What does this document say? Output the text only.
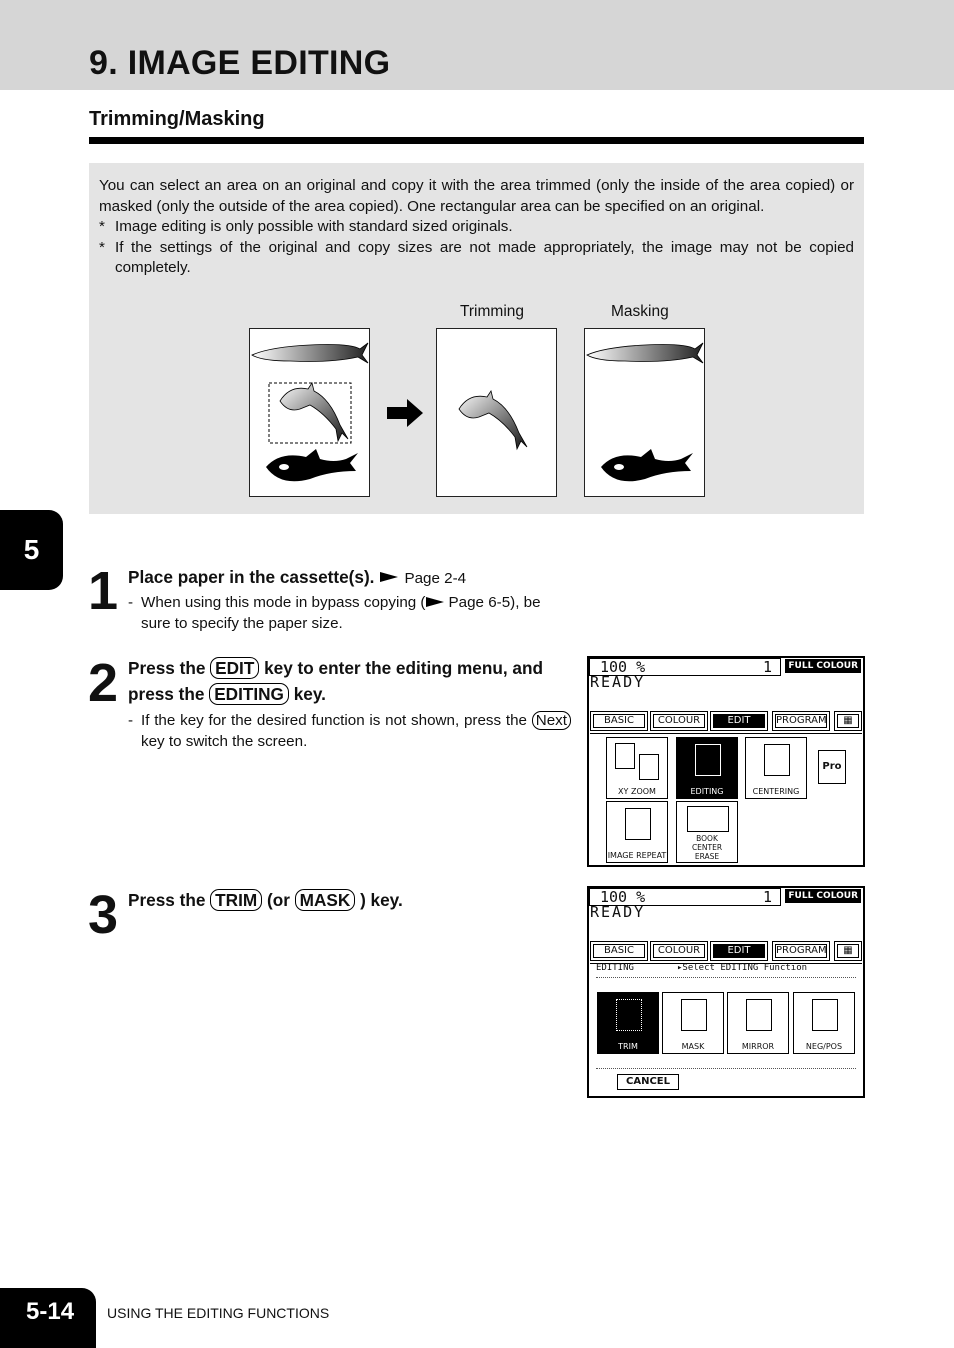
9. IMAGE EDITING
Trimming/Masking
You can select an area on an original and copy it with the area trimmed (only the inside of the area copied) or masked (only the outside of the area copied). One rectangular area can be specified on an original.
* Image editing is only possible with standard sized originals.
* If the settings of the original and copy sizes are not made appropriately, the image may not be copied completely.
Trimming	Masking
5
1 Place paper in the cassette(s). Page 2-4
- When using this mode in bypass copying ( Page 6-5), be sure to specify the paper size.
2 Press the EDIT key to enter the editing menu, and press the EDITING key.
- If the key for the desired function is not shown, press the Next key to switch the screen.
100 %	1	FULL COLOUR
READY
BASIC	COLOUR	EDIT	PROGRAM	▦
XY ZOOM	EDITING	CENTERING
Pro
IMAGE REPEAT
BOOK CENTER ERASE
3 Press the TRIM (or MASK ) key.	100 %	1	FULL COLOUR
READY
BASIC	COLOUR	EDIT	PROGRAM	▦
EDITING	▸Select EDITING Function
TRIM	MASK	MIRROR	NEG/POS
CANCEL
5-14 USING THE EDITING FUNCTIONS
